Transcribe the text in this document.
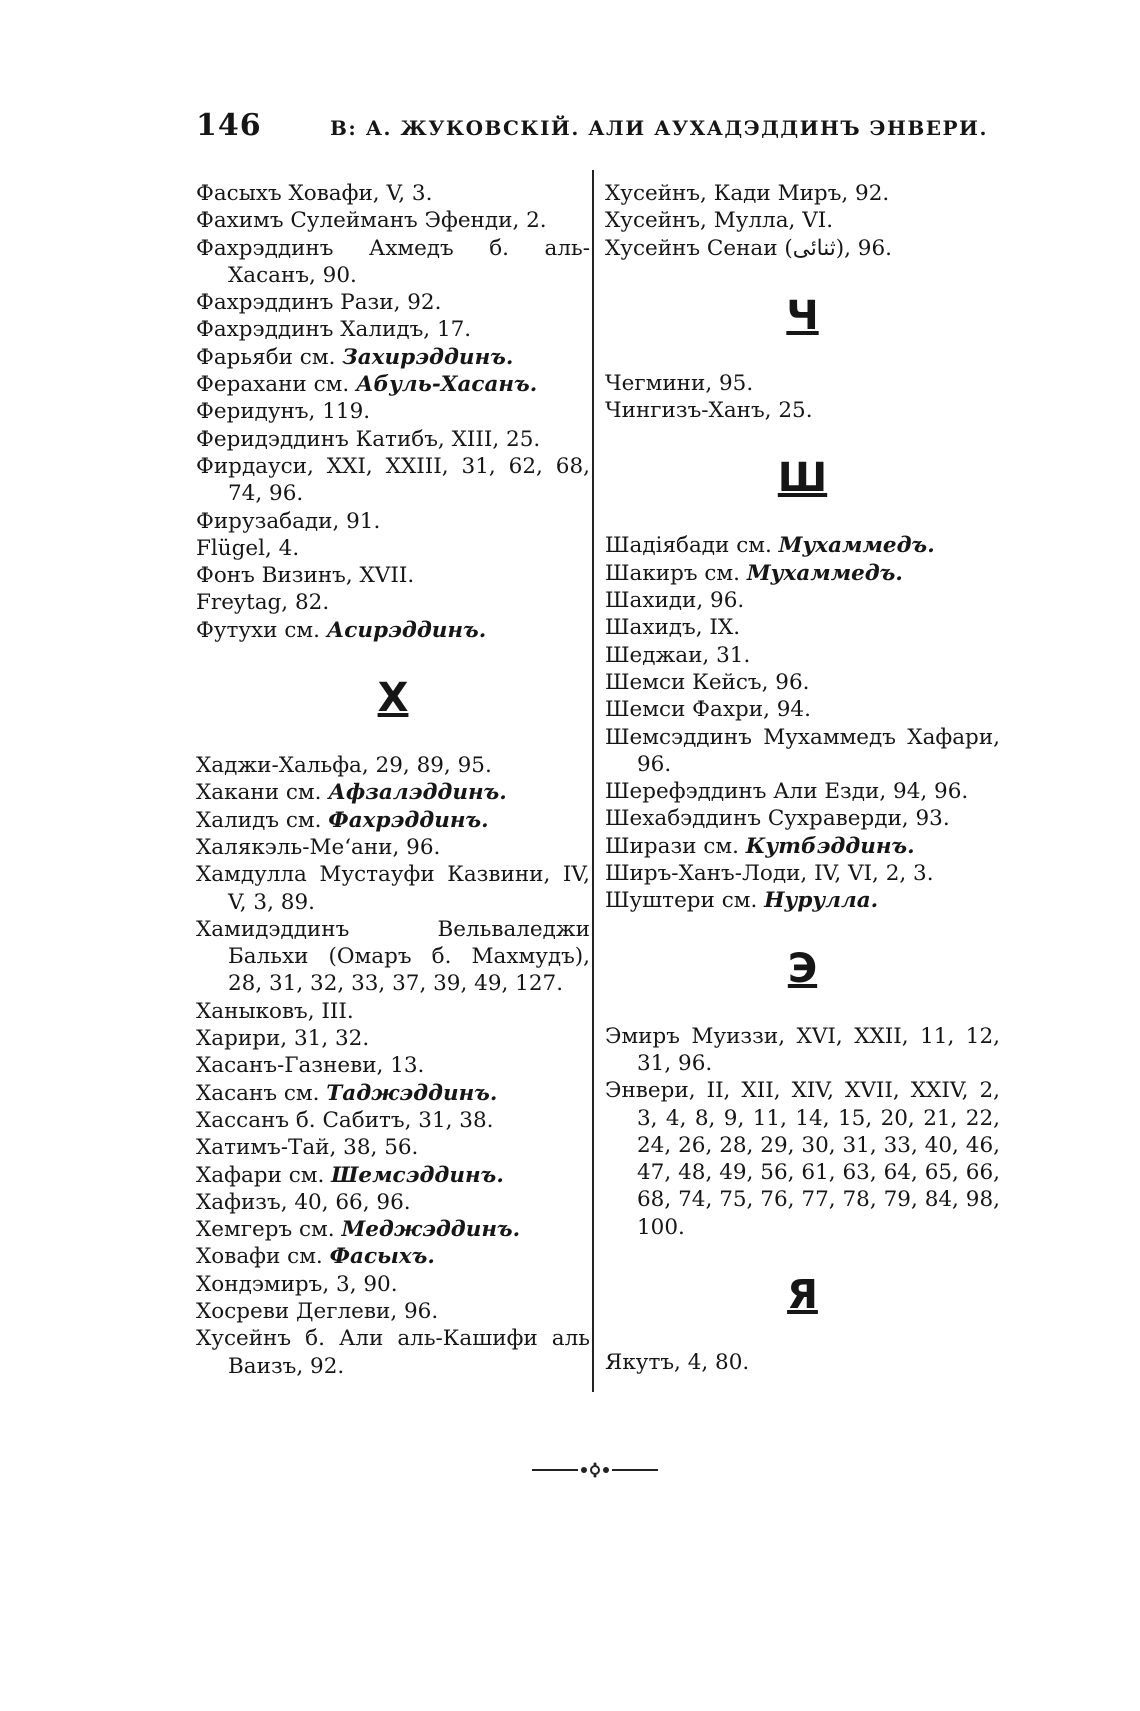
146	В: А. ЖУКОВСКІЙ. АЛИ АУХАДЭДДИНЪ ЭНВЕРИ.
Фасыхъ Ховафи, V, 3.
Фахимъ Сулейманъ Эфенди, 2.
Фахрэддинъ Ахмедъ б. аль-Хасанъ, 90.
Фахрэддинъ Рази, 92.
Фахрэддинъ Халидъ, 17.
Фарьяби см. Захирэддинъ.
Ферахани см. Абуль-Хасанъ.
Феридунъ, 119.
Феридэддинъ Катибъ, XIII, 25.
Фирдауси, XXI, XXIII, 31, 62, 68, 74, 96.
Фирузабади, 91.
Flügel, 4.
Фонъ Визинъ, XVII.
Freytag, 82.
Футухи см. Асирэддинъ.
Х
Хаджи-Хальфа, 29, 89, 95.
Хакани см. Афзалэддинъ.
Халидъ см. Фахрэддинъ.
Халякэль-Меʻани, 96.
Хамдулла Мустауфи Казвини, IV, V, 3, 89.
Хамидэддинъ Вельваледжи Бальхи (Омаръ б. Махмудъ), 28, 31, 32, 33, 37, 39, 49, 127.
Ханыковъ, III.
Харири, 31, 32.
Хасанъ-Газневи, 13.
Хасанъ см. Таджэддинъ.
Хассанъ б. Сабитъ, 31, 38.
Хатимъ-Тай, 38, 56.
Хафари см. Шемсэддинъ.
Хафизъ, 40, 66, 96.
Хемгеръ см. Меджэддинъ.
Ховафи см. Фасыхъ.
Хондэмиръ, 3, 90.
Хосреви Деглеви, 96.
Хусейнъ б. Али аль-Кашифи аль Ваизъ, 92.
Хусейнъ, Кади Миръ, 92.
Хусейнъ, Мулла, VI.
Хусейнъ Сенаи (ثنائى), 96.
Ч
Чегмини, 95.
Чингизъ-Ханъ, 25.
Ш
Шадіябади см. Мухаммедъ.
Шакиръ см. Мухаммедъ.
Шахиди, 96.
Шахидъ, IX.
Шеджаи, 31.
Шемси Кейсъ, 96.
Шемси Фахри, 94.
Шемсэддинъ Мухаммедъ Хафари, 96.
Шерефэддинъ Али Езди, 94, 96.
Шехабэддинъ Сухраверди, 93.
Ширази см. Кутбэддинъ.
Ширъ-Ханъ-Лоди, IV, VI, 2, 3.
Шуштери см. Нурулла.
Э
Эмиръ Муиззи, XVI, XXII, 11, 12, 31, 96.
Энвери, II, XII, XIV, XVII, XXIV, 2, 3, 4, 8, 9, 11, 14, 15, 20, 21, 22, 24, 26, 28, 29, 30, 31, 33, 40, 46, 47, 48, 49, 56, 61, 63, 64, 65, 66, 68, 74, 75, 76, 77, 78, 79, 84, 98, 100.
Я
Якутъ, 4, 80.
